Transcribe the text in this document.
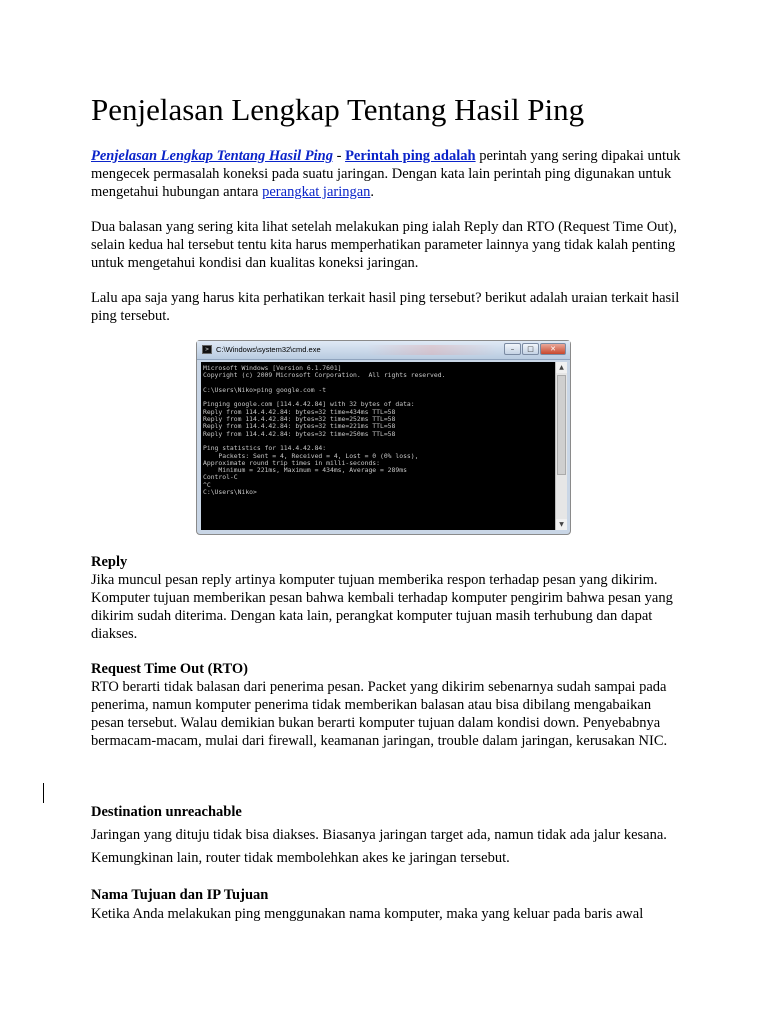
Penjelasan Lengkap Tentang Hasil Ping

Penjelasan Lengkap Tentang Hasil Ping - Perintah ping adalah perintah yang sering dipakai untuk mengecek permasalah koneksi pada suatu jaringan. Dengan kata lain perintah ping digunakan untuk mengetahui hubungan antara perangkat jaringan.

Dua balasan yang sering kita lihat setelah melakukan ping ialah Reply dan RTO (Request Time Out), selain kedua hal tersebut tentu kita harus memperhatikan parameter lainnya yang tidak kalah penting untuk mengetahui kondisi dan kualitas koneksi jaringan.

Lalu apa saja yang harus kita perhatikan terkait hasil ping tersebut? berikut adalah uraian terkait hasil ping tersebut.

> C:\Windows\system32\cmd.exe	–	□	✕
Microsoft Windows [Version 6.1.7601]
Copyright (c) 2009 Microsoft Corporation.  All rights reserved.

C:\Users\Niko>ping google.com -t

Pinging google.com [114.4.42.84] with 32 bytes of data:
Reply from 114.4.42.84: bytes=32 time=434ms TTL=58
Reply from 114.4.42.84: bytes=32 time=252ms TTL=58
Reply from 114.4.42.84: bytes=32 time=221ms TTL=58
Reply from 114.4.42.84: bytes=32 time=250ms TTL=58

Ping statistics for 114.4.42.84:
Packets: Sent = 4, Received = 4, Lost = 0 (0% loss),
Approximate round trip times in milli-seconds:
Minimum = 221ms, Maximum = 434ms, Average = 289ms
Control-C
^C
C:\Users\Niko>
▲
▼

Reply

Jika muncul pesan reply artinya komputer tujuan memberika respon terhadap pesan yang dikirim. Komputer tujuan memberikan pesan bahwa kembali terhadap komputer pengirim bahwa pesan yang dikirim sudah diterima. Dengan kata lain, perangkat komputer tujuan masih terhubung dan dapat diakses.

Request Time Out (RTO)

RTO berarti tidak balasan dari penerima pesan. Packet yang dikirim sebenarnya sudah sampai pada penerima, namun komputer penerima tidak memberikan balasan atau bisa dibilang mengabaikan pesan tersebut. Walau demikian bukan berarti komputer tujuan dalam kondisi down. Penyebabnya bermacam-macam, mulai dari firewall, keamanan jaringan, trouble dalam jaringan, kerusakan NIC.

Destination unreachable

Jaringan yang dituju tidak bisa diakses. Biasanya jaringan target ada, namun tidak ada jalur kesana. Kemungkinan lain, router tidak membolehkan akes ke jaringan tersebut.

Nama Tujuan dan IP Tujuan

Ketika Anda melakukan ping menggunakan nama komputer, maka yang keluar pada baris awal
